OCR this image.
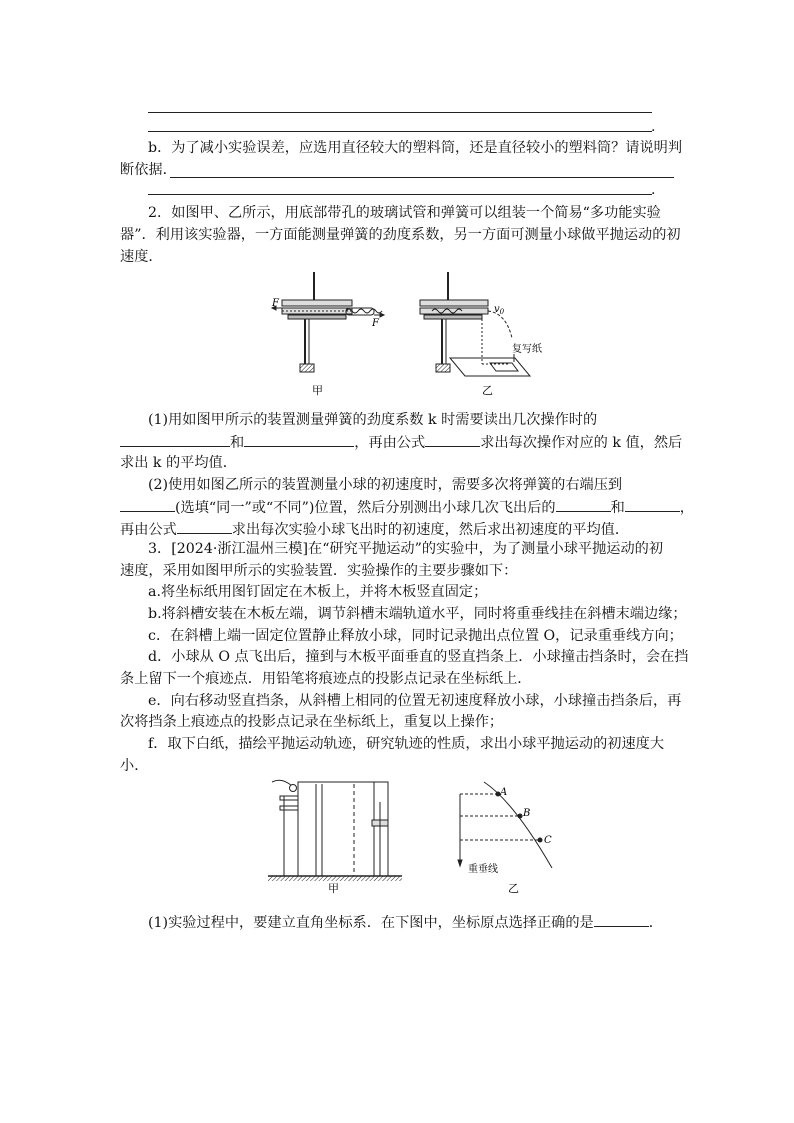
.
b．为了减小实验误差，应选用直径较大的塑料筒，还是直径较小的塑料筒？请说明判
断依据．
.
2．如图甲、乙所示，用底部带孔的玻璃试管和弹簧可以组装一个简易“多功能实验
器”．利用该实验器，一方面能测量弹簧的劲度系数，另一方面可测量小球做平抛运动的初
速度．
F
F
甲
$v_0$
复写纸
乙
(1)用如图甲所示的装置测量弹簧的劲度系数 k 时需要读出几次操作时的
和	，再由公式	求出每次操作对应的 k 值，然后
求出 k 的平均值．
(2)使用如图乙所示的装置测量小球的初速度时，需要多次将弹簧的右端压到
(选填“同一”或“不同”)位置，然后分别测出小球几次飞出后的	和	，
再由公式	求出每次实验小球飞出时的初速度，然后求出初速度的平均值．
3．[2024·浙江温州三模]在“研究平抛运动”的实验中，为了测量小球平抛运动的初
速度，采用如图甲所示的实验装置．实验操作的主要步骤如下：
a.将坐标纸用图钉固定在木板上，并将木板竖直固定；
b.将斜槽安装在木板左端，调节斜槽末端轨道水平，同时将重垂线挂在斜槽末端边缘；
c．在斜槽上端一固定位置静止释放小球，同时记录抛出点位置 O，记录重垂线方向；
d．小球从 O 点飞出后，撞到与木板平面垂直的竖直挡条上．小球撞击挡条时，会在挡
条上留下一个痕迹点．用铅笔将痕迹点的投影点记录在坐标纸上．
e．向右移动竖直挡条，从斜槽上相同的位置无初速度释放小球，小球撞击挡条后，再
次将挡条上痕迹点的投影点记录在坐标纸上，重复以上操作；
f．取下白纸，描绘平抛运动轨迹，研究轨迹的性质，求出小球平抛运动的初速度大
小．
甲
A
B
C
重垂线
乙
(1)实验过程中，要建立直角坐标系．在下图中，坐标原点选择正确的是	．
